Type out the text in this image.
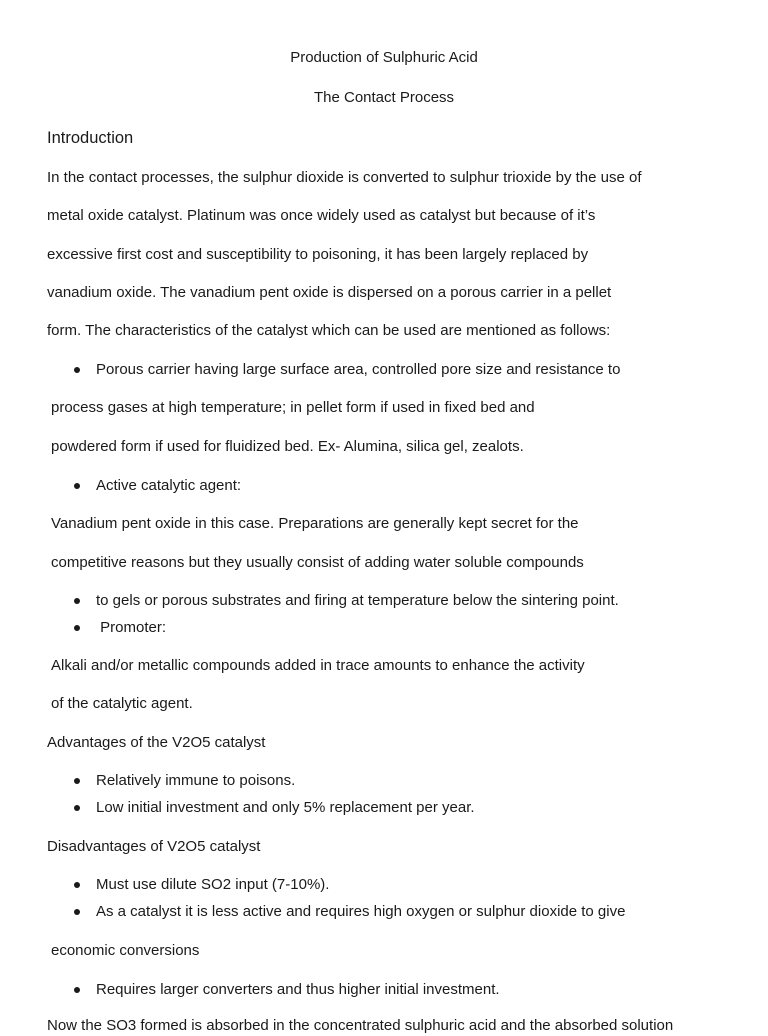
Production of Sulphuric Acid
The Contact Process
Introduction
In the contact processes, the sulphur dioxide is converted to sulphur trioxide by the use of
metal oxide catalyst. Platinum was once widely used as catalyst but because of it’s
excessive first cost and susceptibility to poisoning, it has been largely replaced by
vanadium oxide. The vanadium pent oxide is dispersed on a porous carrier in a pellet
form. The characteristics of the catalyst which can be used are mentioned as follows:
Porous carrier having large surface area, controlled pore size and resistance to
process gases at high temperature; in pellet form if used in fixed bed and
powdered form if used for fluidized bed. Ex- Alumina, silica gel, zealots.
Active catalytic agent:
Vanadium pent oxide in this case. Preparations are generally kept secret for the
competitive reasons but they usually consist of adding water soluble compounds
to gels or porous substrates and firing at temperature below the sintering point.
Promoter:
Alkali and/or metallic compounds added in trace amounts to enhance the activity
of the catalytic agent.
Advantages of the V2O5 catalyst
Relatively immune to poisons.
Low initial investment and only 5% replacement per year.
Disadvantages of V2O5 catalyst
Must use dilute SO2 input (7-10%).
As a catalyst it is less active and requires high oxygen or sulphur dioxide to give
economic conversions
Requires larger converters and thus higher initial investment.
Now the SO3 formed is absorbed in the concentrated sulphuric acid and the absorbed solution
